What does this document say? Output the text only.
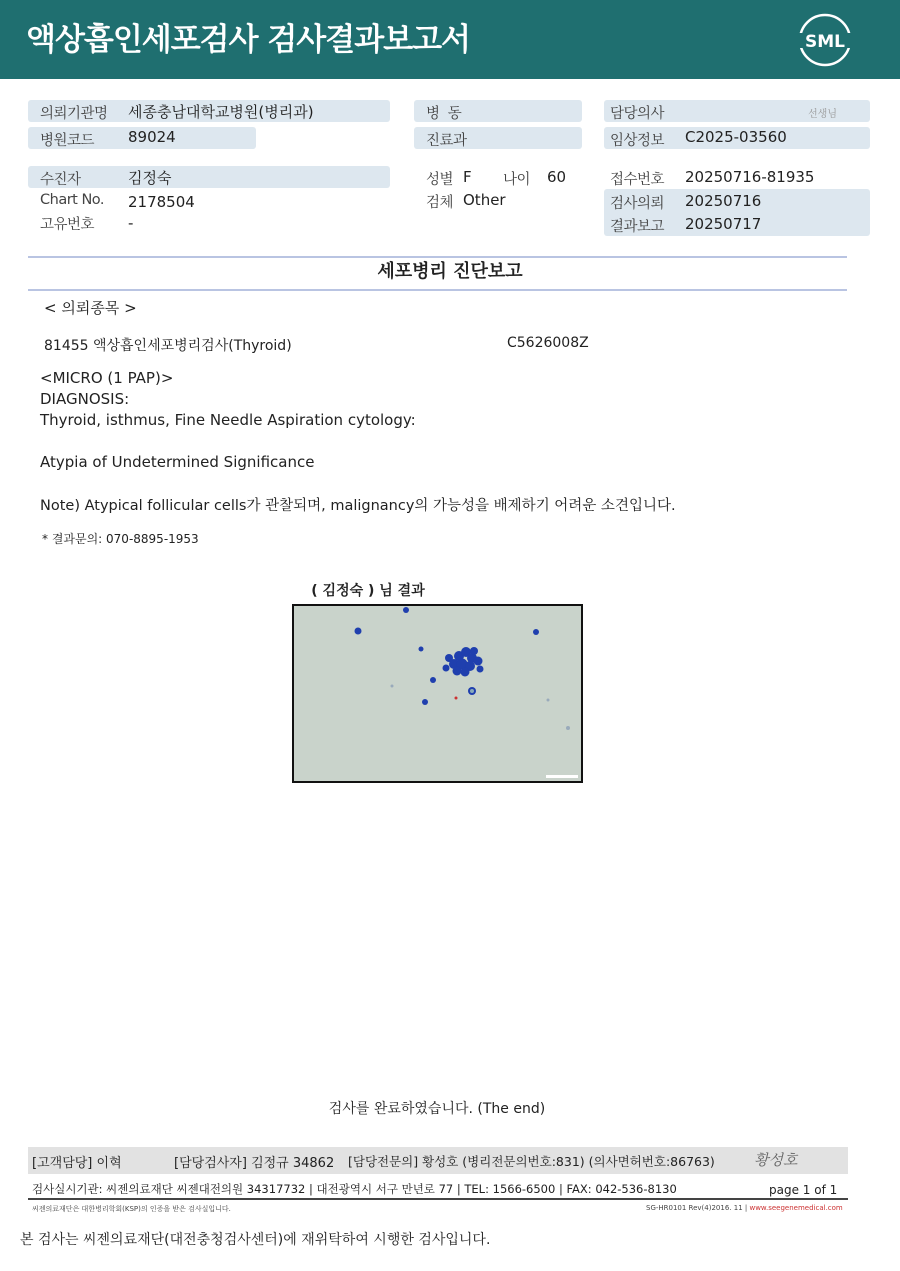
액상흡인세포검사 검사결과보고서	SML
의뢰기관명 세종충남대학교병원(병리과)
병원코드 89024
수진자	김정숙
Chart No. 2178504
고유번호 -
병  동
진료과
성별 F 나이 60
검체 Other
담당의사	선생님
임상정보 C2025-03560
접수번호 20250716-81935
검사의뢰 20250716
결과보고 20250717
세포병리 진단보고
< 의뢰종목 >
81455 액상흡인세포병리검사(Thyroid)	C5626008Z
<MICRO (1 PAP)>
DIAGNOSIS:
Thyroid, isthmus, Fine Needle Aspiration cytology:
Atypia of Undetermined Significance
Note) Atypical follicular cells가 관찰되며, malignancy의 가능성을 배제하기 어려운 소견입니다.
* 결과문의: 070-8895-1953
( 김정숙 ) 님 결과
검사를 완료하였습니다. (The end)
[고객담당] 이혁	[담당검사자] 김정규 34862 [담당전문의] 황성호 (병리전문의번호:831) (의사면허번호:86763)	황성호
검사실시기관: 씨젠의료재단 씨젠대전의원 34317732 | 대전광역시 서구 만년로 77 | TEL: 1566-6500 | FAX: 042-536-8130	page 1 of 1
씨젠의료재단은 대한병리학회(KSP)의 인증을 받은 검사실입니다.	SG-HR0101 Rev(4)2016. 11 | www.seegenemedical.com
본 검사는 씨젠의료재단(대전충청검사센터)에 재위탁하여 시행한 검사입니다.
